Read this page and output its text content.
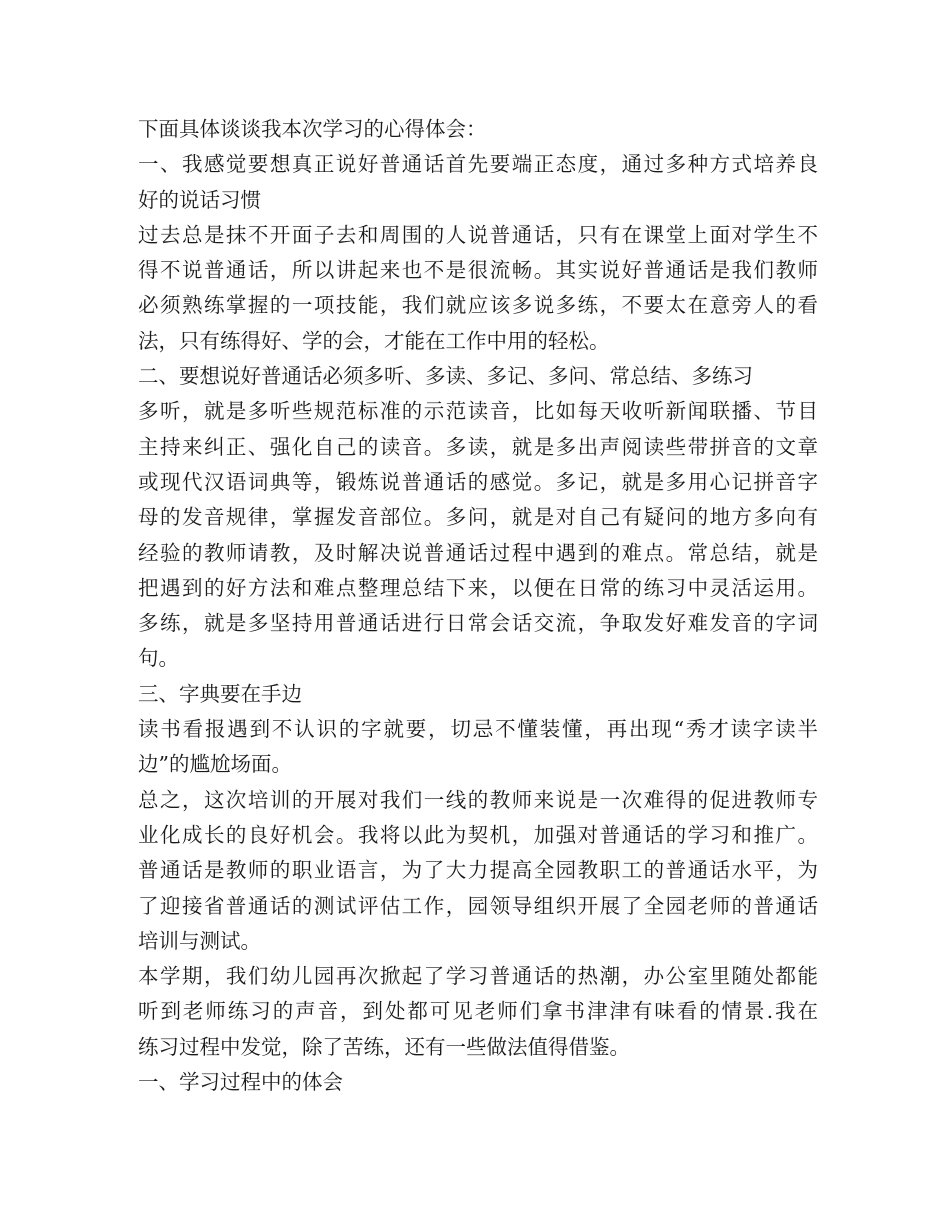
下面具体谈谈我本次学习的心得体会：
一、我感觉要想真正说好普通话首先要端正态度，通过多种方式培养良
好的说话习惯
过去总是抹不开面子去和周围的人说普通话，只有在课堂上面对学生不
得不说普通话，所以讲起来也不是很流畅。其实说好普通话是我们教师
必须熟练掌握的一项技能，我们就应该多说多练，不要太在意旁人的看
法，只有练得好、学的会，才能在工作中用的轻松。
二、要想说好普通话必须多听、多读、多记、多问、常总结、多练习
多听，就是多听些规范标准的示范读音，比如每天收听新闻联播、节目
主持来纠正、强化自己的读音。多读，就是多出声阅读些带拼音的文章
或现代汉语词典等，锻炼说普通话的感觉。多记，就是多用心记拼音字
母的发音规律，掌握发音部位。多问，就是对自己有疑问的地方多向有
经验的教师请教，及时解决说普通话过程中遇到的难点。常总结，就是
把遇到的好方法和难点整理总结下来，以便在日常的练习中灵活运用。
多练，就是多坚持用普通话进行日常会话交流，争取发好难发音的字词
句。
三、字典要在手边
读书看报遇到不认识的字就要，切忌不懂装懂，再出现“秀才读字读半
边”的尴尬场面。
总之，这次培训的开展对我们一线的教师来说是一次难得的促进教师专
业化成长的良好机会。我将以此为契机，加强对普通话的学习和推广。
普通话是教师的职业语言，为了大力提高全园教职工的普通话水平，为
了迎接省普通话的测试评估工作，园领导组织开展了全园老师的普通话
培训与测试。
本学期，我们幼儿园再次掀起了学习普通话的热潮，办公室里随处都能
听到老师练习的声音，到处都可见老师们拿书津津有味看的情景.我在
练习过程中发觉，除了苦练，还有一些做法值得借鉴。
一、学习过程中的体会
